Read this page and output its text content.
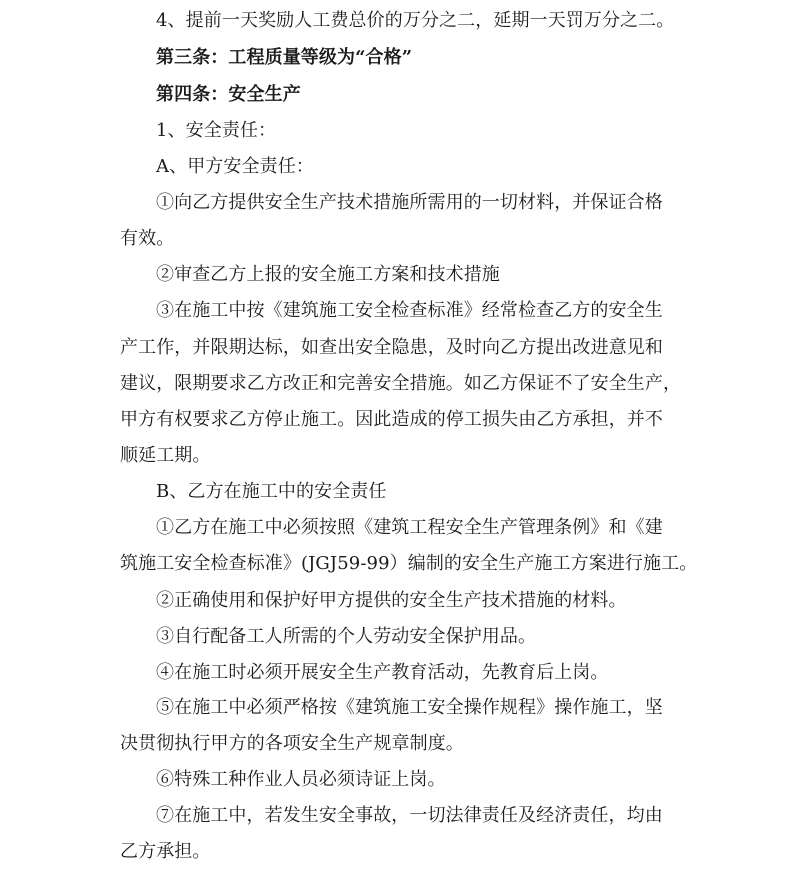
4、提前一天奖励人工费总价的万分之二，延期一天罚万分之二。
第三条：工程质量等级为“合格”
第四条：安全生产
1、安全责任：
A、甲方安全责任：
①向乙方提供安全生产技术措施所需用的一切材料，并保证合格
有效。
②审查乙方上报的安全施工方案和技术措施
③在施工中按《建筑施工安全检查标准》经常检查乙方的安全生
产工作，并限期达标，如查出安全隐患，及时向乙方提出改进意见和
建议，限期要求乙方改正和完善安全措施。如乙方保证不了安全生产，
甲方有权要求乙方停止施工。因此造成的停工损失由乙方承担，并不
顺延工期。
B、乙方在施工中的安全责任
①乙方在施工中必须按照《建筑工程安全生产管理条例》和《建
筑施工安全检查标准》(JGJ59-99）编制的安全生产施工方案进行施工。
②正确使用和保护好甲方提供的安全生产技术措施的材料。
③自行配备工人所需的个人劳动安全保护用品。
④在施工时必须开展安全生产教育活动，先教育后上岗。
⑤在施工中必须严格按《建筑施工安全操作规程》操作施工，坚
决贯彻执行甲方的各项安全生产规章制度。
⑥特殊工种作业人员必须诗证上岗。
⑦在施工中，若发生安全事故，一切法律责任及经济责任，均由
乙方承担。
